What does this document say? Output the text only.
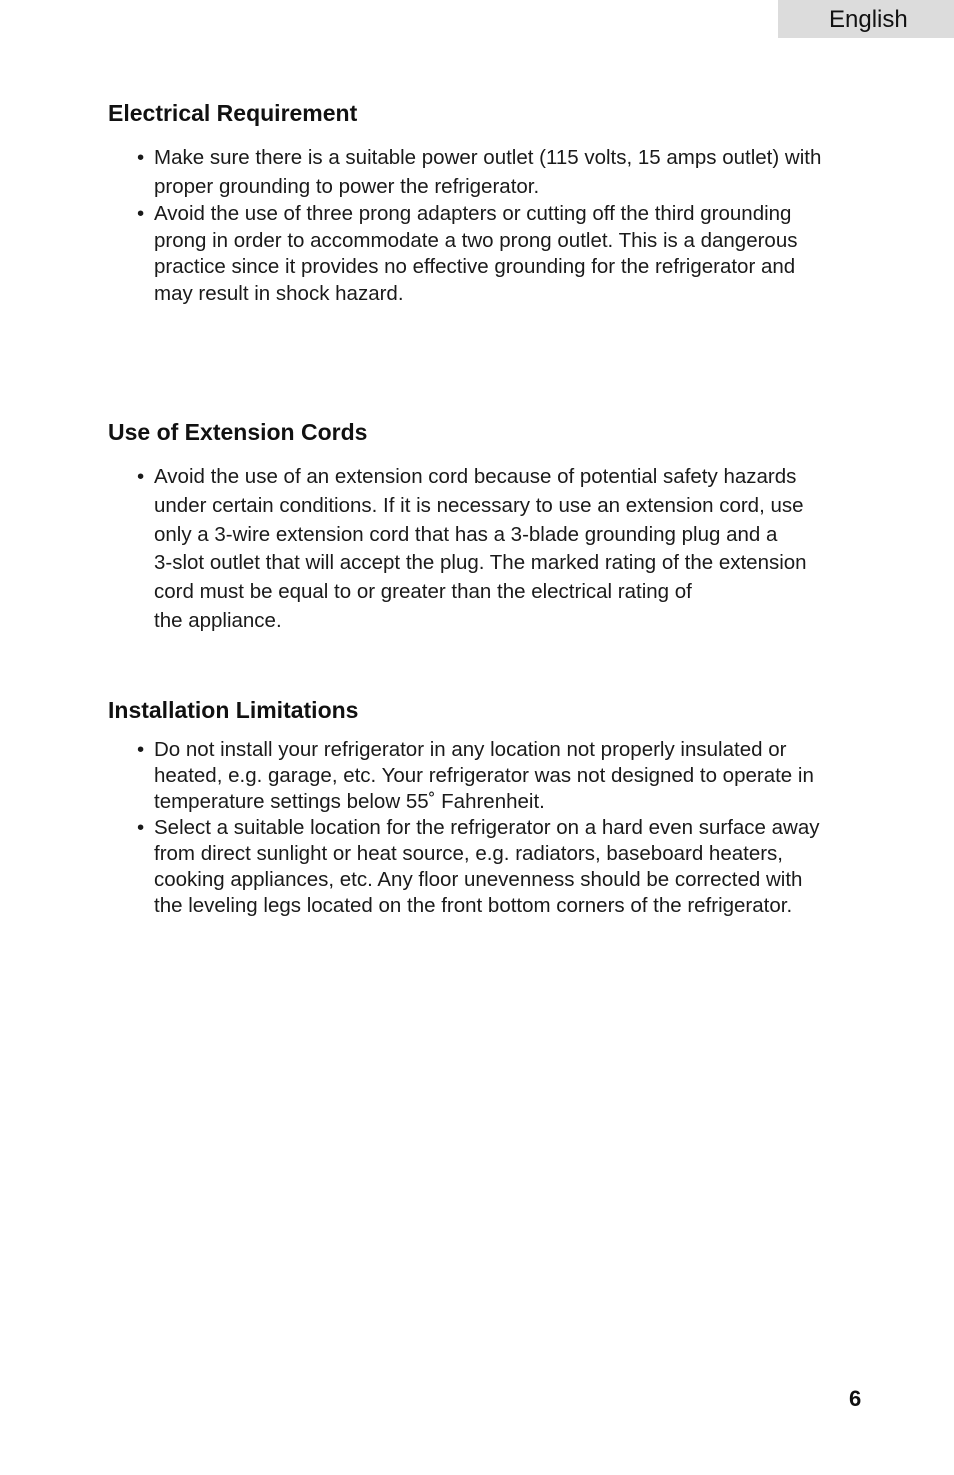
English
Electrical Requirement
• Make sure there is a suitable power outlet (115 volts, 15 amps outlet) with
proper grounding to power the refrigerator.
• Avoid the use of three prong adapters or cutting off the third grounding
prong in order to accommodate a two prong outlet. This is a dangerous
practice since it provides no effective grounding for the refrigerator and
may result in shock hazard.
Use of Extension Cords
• Avoid the use of an extension cord because of potential safety hazards
under certain conditions. If it is necessary to use an extension cord, use
only a 3-wire extension cord that has a 3-blade grounding plug and a
3-slot outlet that will accept the plug. The marked rating of the extension
cord must be equal to or greater than the electrical rating of
the appliance.
Installation Limitations
• Do not install your refrigerator in any location not properly insulated or
heated, e.g. garage, etc. Your refrigerator was not designed to operate in
temperature settings below 55˚ Fahrenheit.
• Select a suitable location for the refrigerator on a hard even surface away
from direct sunlight or heat source, e.g. radiators, baseboard heaters,
cooking appliances, etc. Any floor unevenness should be corrected with
the leveling legs located on the front bottom corners of the refrigerator.
6
